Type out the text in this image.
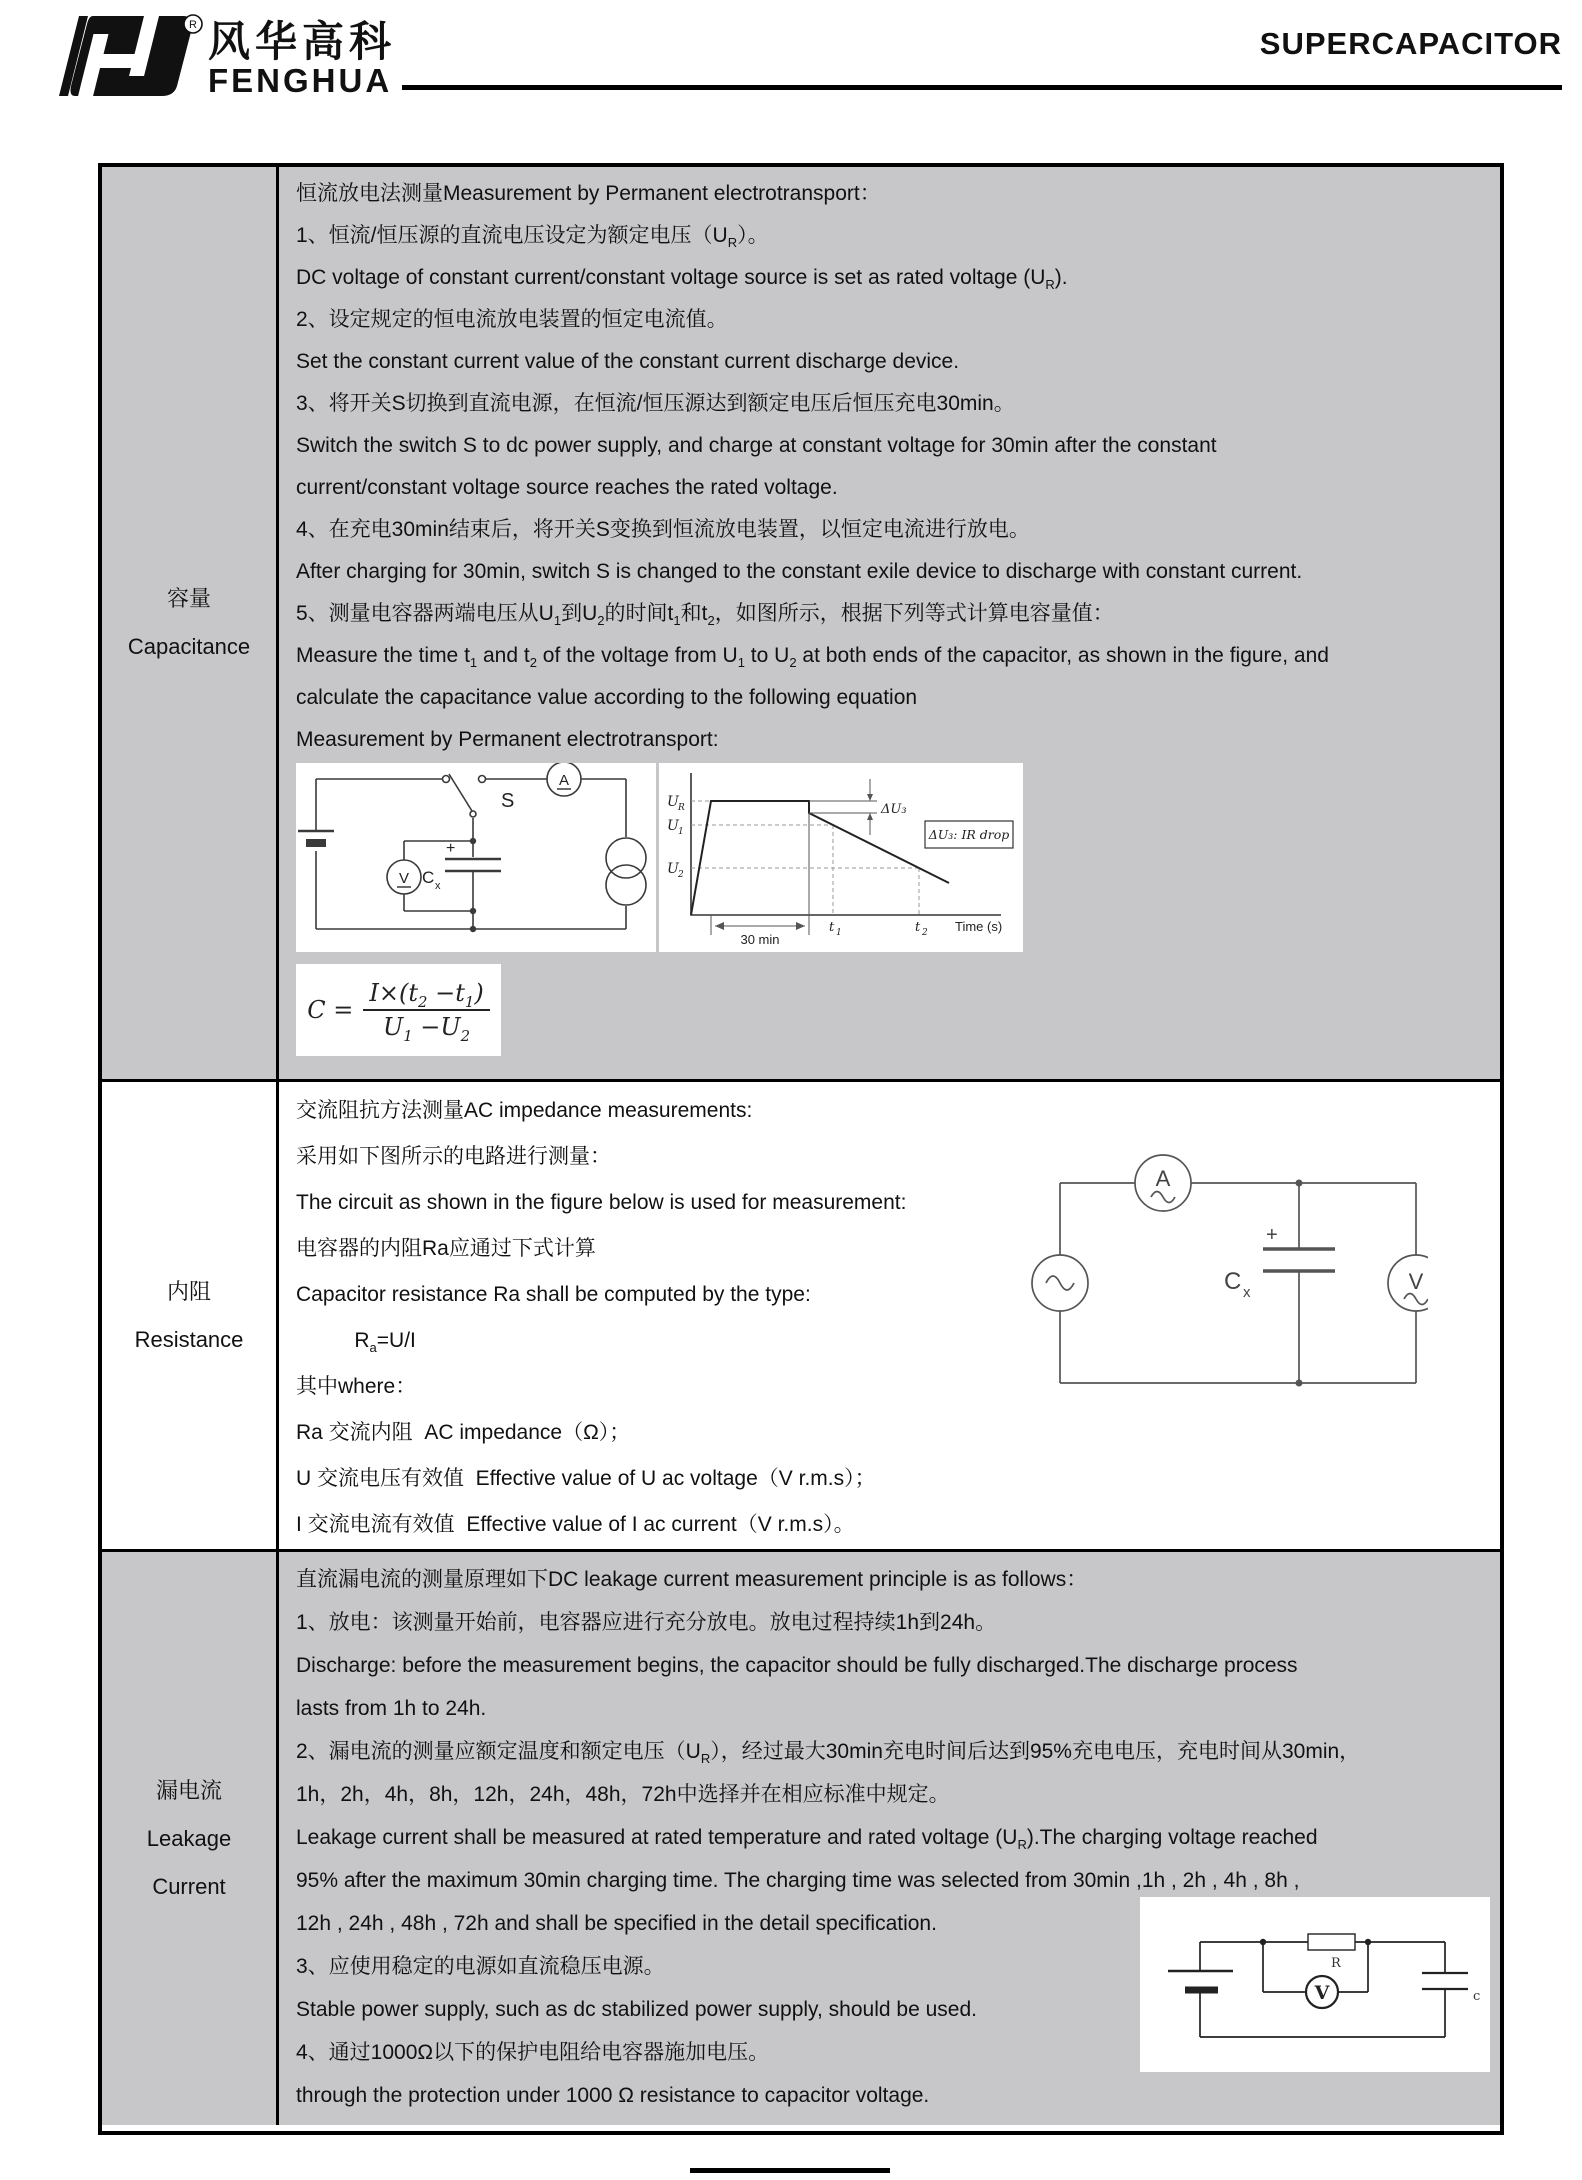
R 风华高科
FENGHUA
SUPERCAPACITOR
容量
Capacitance
恒流放电法测量Measurement by Permanent electrotransport：
1、恒流/恒压源的直流电压设定为额定电压$(U_R)$。
DC voltage of constant current/constant voltage source is set as rated voltage $(U_R)$.
2、设定规定的恒电流放电装置的恒定电流值。
Set the constant current value of the constant current discharge device.
3、将开关S切换到直流电源，在恒流/恒压源达到额定电压后恒压充电30min。
Switch the switch S to dc power supply, and charge at constant voltage for 30min after the constant
current/constant voltage source reaches the rated voltage.
4、在充电30min结束后，将开关S变换到恒流放电装置，以恒定电流进行放电。
After charging for 30min, switch S is changed to the constant exile device to discharge with constant current.
5、测量电容器两端电压从$U_1$到$U_2$的时间$t_1$和$t_2$，如图所示，根据下列等式计算电容量值：
Measure the time $t_1$ and $t_2$ of the voltage from $U_1$ to $U_2$ at both ends of the capacitor, as shown in the figure, and
calculate the capacitance value according to the following equation
Measurement by Permanent electrotransport:
S
A
V
+
C x
ΔU₃: IR drop
ΔU₃
U R
U 1
U 2
t 1	t 2 Time (s)
30 min
$C = \frac{I\times(t_2 -t_1)}{U_1 -U_2}$
内阻
Resistance
交流阻抗方法测量AC impedance measurements:
采用如下图所示的电路进行测量：
The circuit as shown in the figure below is used for measurement:
电容器的内阻Ra应通过下式计算
Capacitor resistance Ra shall be computed by the type:
$R_a=U/I$
其中where：
Ra 交流内阻  AC impedance（Ω）；
U 交流电压有效值  Effective value of U ac voltage（V r.m.s）；
I 交流电流有效值  Effective value of I ac current（V r.m.s）。
A
V
+
C x
漏电流
Leakage
Current
直流漏电流的测量原理如下DC leakage current measurement principle is as follows：
1、放电：该测量开始前，电容器应进行充分放电。放电过程持续1h到24h。
Discharge: before the measurement begins, the capacitor should be fully discharged.The discharge process
lasts from 1h to 24h.
2、漏电流的测量应额定温度和额定电压$(U_R)$，经过最大30min充电时间后达到95%充电电压，充电时间从30min，
1h，2h，4h，8h，12h，24h，48h，72h中选择并在相应标准中规定。
Leakage current shall be measured at rated temperature and rated voltage $(U_R).The$ charging voltage reached
95% after the maximum 30min charging time. The charging time was selected from 30min ,1h , 2h , 4h , 8h ,
12h , 24h , 48h , 72h and shall be specified in the detail specification.
3、应使用稳定的电源如直流稳压电源。
Stable power supply, such as dc stabilized power supply, should be used.
4、通过1000Ω以下的保护电阻给电容器施加电压。
through the protection under 1000 Ω resistance to capacitor voltage.
R
V	c
